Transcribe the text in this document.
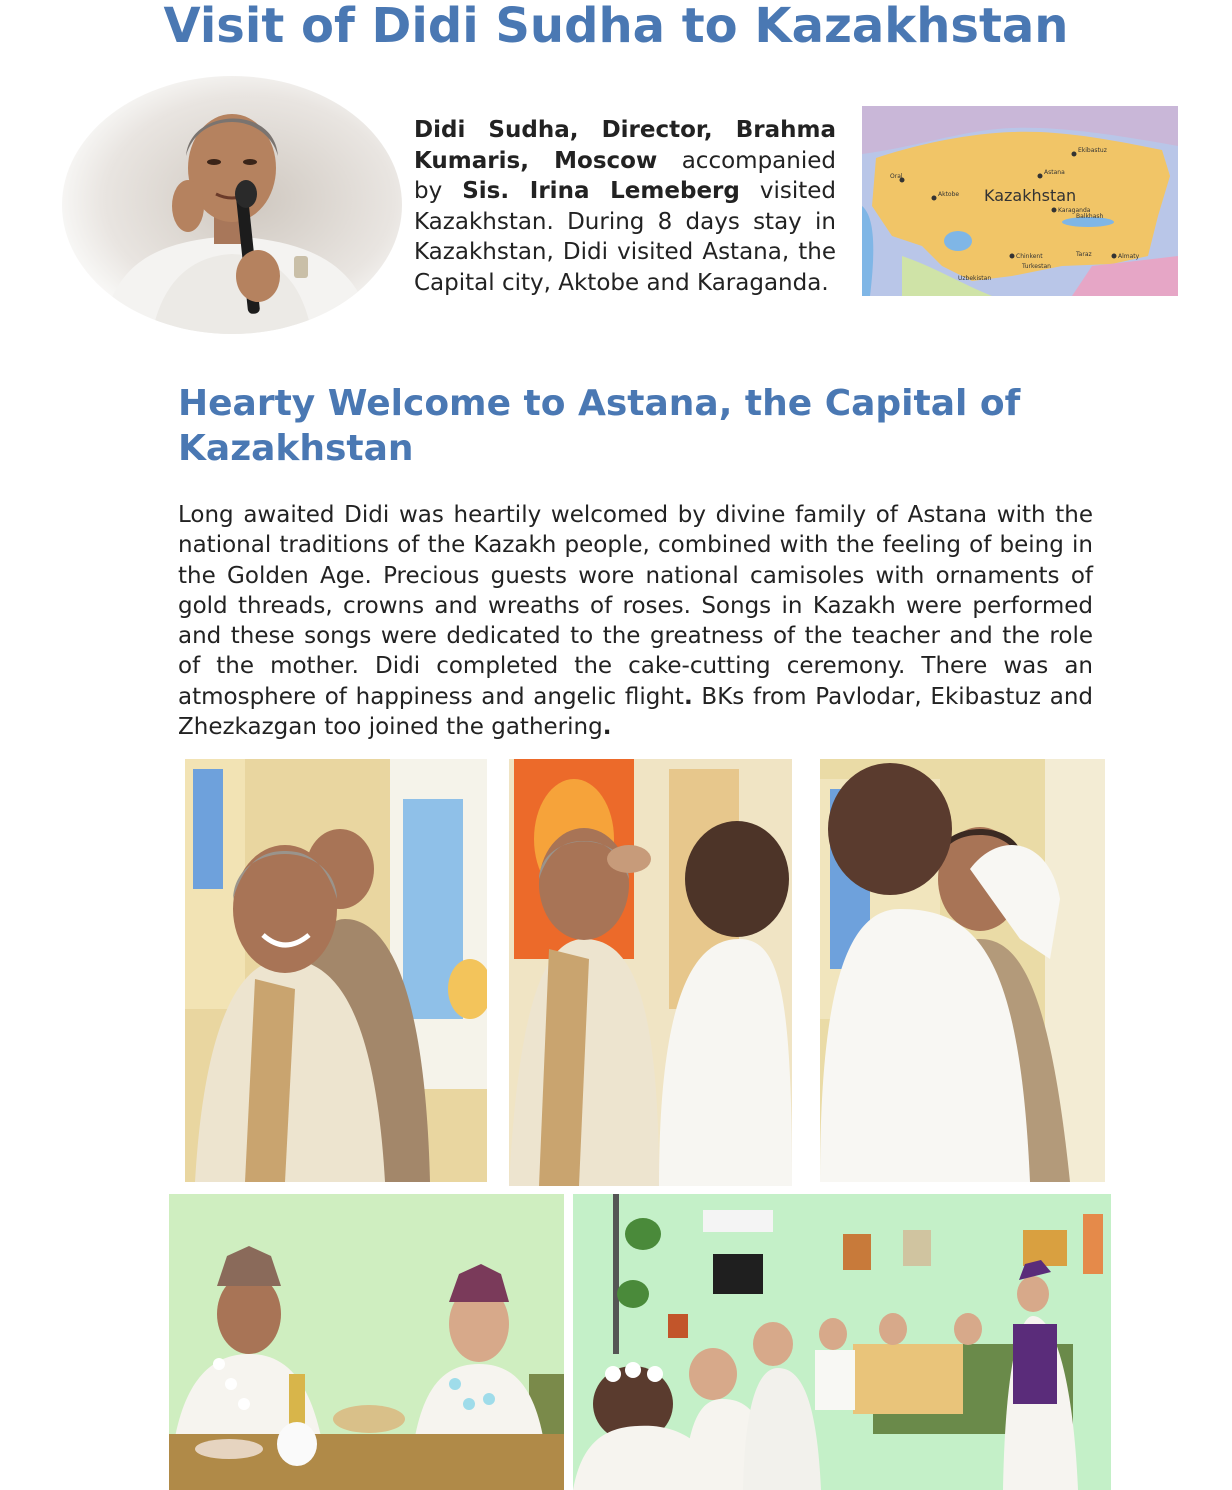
Visit of Didi Sudha to Kazakhstan

Didi Sudha, Director, Brahma Kumaris, Moscow accompanied by Sis. Irina Lemeberg visited Kazakhstan. During 8 days stay in Kazakhstan, Didi visited Astana, the Capital city, Aktobe and Karaganda.

Kazakhstan
Ekibastuz
Astana
Karaganda
Aktobe
Balkhash
Almaty
Uzbekistan
Chinkent
Turkestan
Taraz
Oral
Hearty Welcome to Astana, the Capital of Kazakhstan

Long awaited Didi was heartily welcomed by divine family of Astana with the national traditions of the Kazakh people, combined with the feeling of being in the Golden Age. Precious guests wore national camisoles with ornaments of gold threads, crowns and wreaths of roses. Songs in Kazakh were performed and these songs were dedicated to the greatness of the teacher and the role of the mother. Didi completed the cake-cutting ceremony. There was an atmosphere of happiness and angelic flight. BKs from Pavlodar, Ekibastuz and Zhezkazgan too joined the gathering.
